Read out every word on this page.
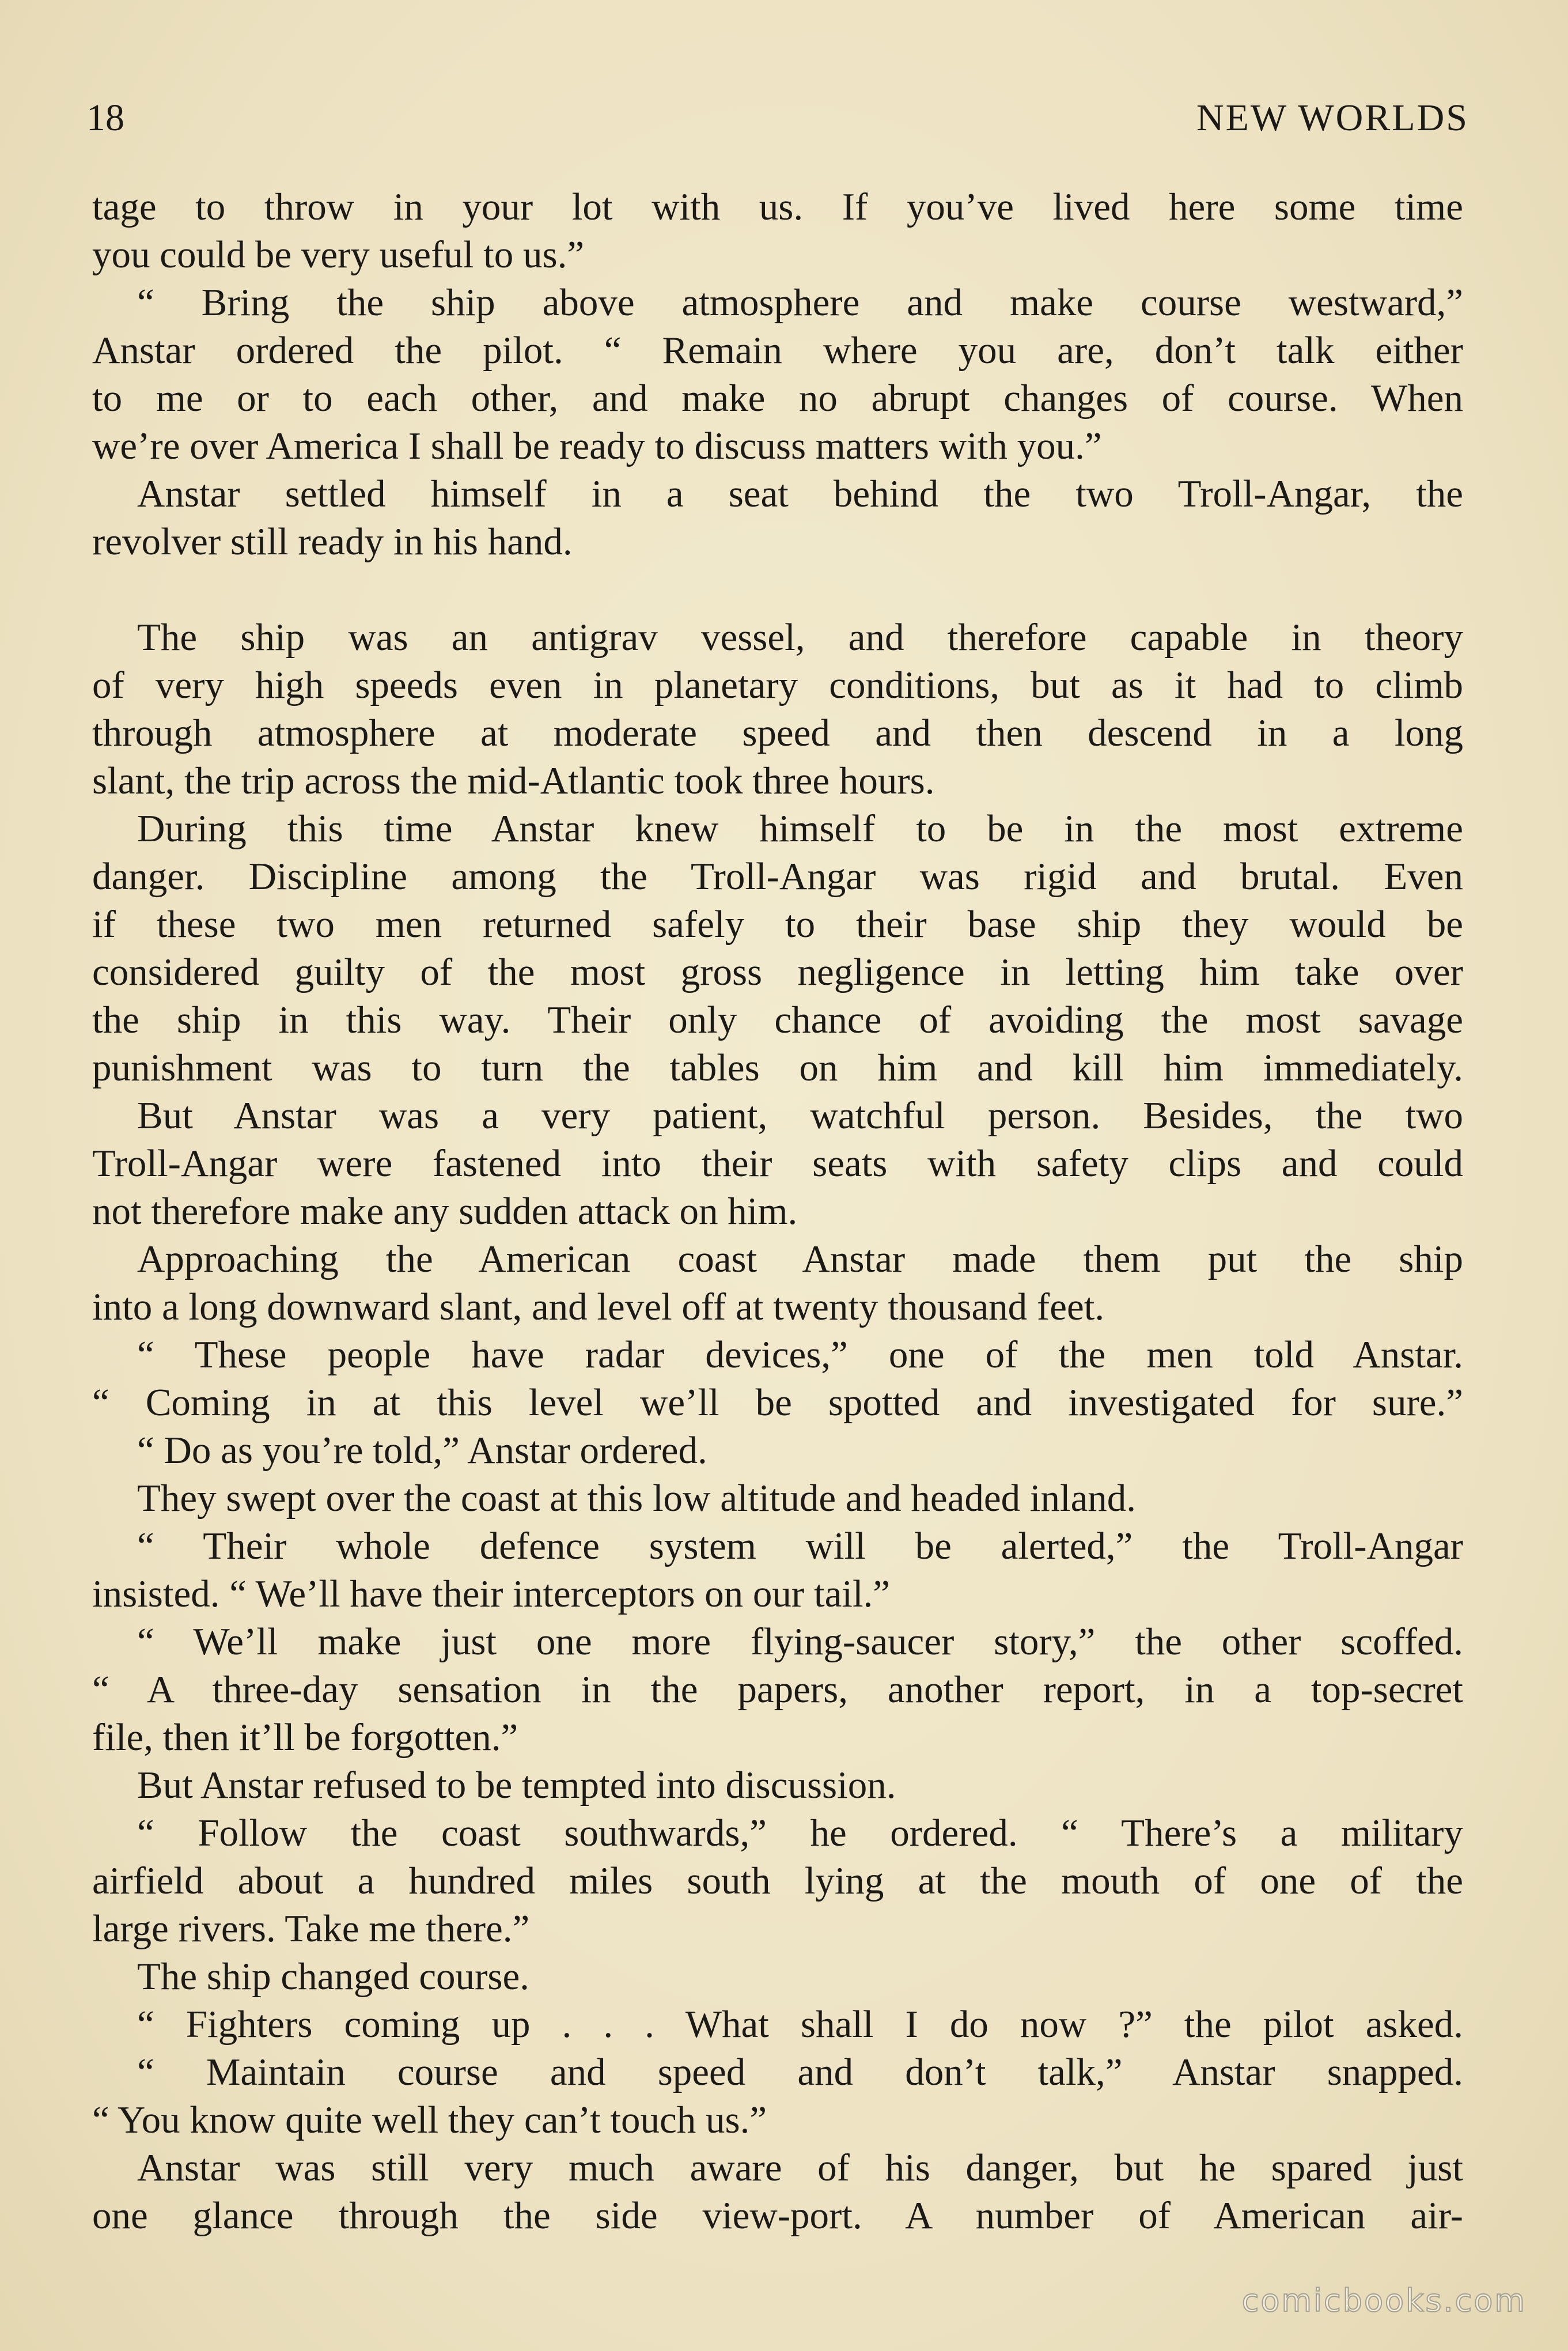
18	NEW WORLDS
tage to throw in your lot with us. If you’ve lived here some time
you could be very useful to us.”
“ Bring the ship above atmosphere and make course westward,”
Anstar ordered the pilot. “ Remain where you are, don’t talk either
to me or to each other, and make no abrupt changes of course. When
we’re over America I shall be ready to discuss matters with you.”
Anstar settled himself in a seat behind the two Troll-Angar, the
revolver still ready in his hand.
The ship was an antigrav vessel, and therefore capable in theory
of very high speeds even in planetary conditions, but as it had to climb
through atmosphere at moderate speed and then descend in a long
slant, the trip across the mid-Atlantic took three hours.
During this time Anstar knew himself to be in the most extreme
danger. Discipline among the Troll-Angar was rigid and brutal. Even
if these two men returned safely to their base ship they would be
considered guilty of the most gross negligence in letting him take over
the ship in this way. Their only chance of avoiding the most savage
punishment was to turn the tables on him and kill him immediately.
But Anstar was a very patient, watchful person. Besides, the two
Troll-Angar were fastened into their seats with safety clips and could
not therefore make any sudden attack on him.
Approaching the American coast Anstar made them put the ship
into a long downward slant, and level off at twenty thousand feet.
“ These people have radar devices,” one of the men told Anstar.
“ Coming in at this level we’ll be spotted and investigated for sure.”
“ Do as you’re told,” Anstar ordered.
They swept over the coast at this low altitude and headed inland.
“ Their whole defence system will be alerted,” the Troll-Angar
insisted. “ We’ll have their interceptors on our tail.”
“ We’ll make just one more flying-saucer story,” the other scoffed.
“ A three-day sensation in the papers, another report, in a top-secret
file, then it’ll be forgotten.”
But Anstar refused to be tempted into discussion.
“ Follow the coast southwards,” he ordered. “ There’s a military
airfield about a hundred miles south lying at the mouth of one of the
large rivers. Take me there.”
The ship changed course.
“ Fighters coming up . . . What shall I do now ?” the pilot asked.
“ Maintain course and speed and don’t talk,” Anstar snapped.
“ You know quite well they can’t touch us.”
Anstar was still very much aware of his danger, but he spared just
one glance through the side view-port. A number of American air-
comicbooks.com
